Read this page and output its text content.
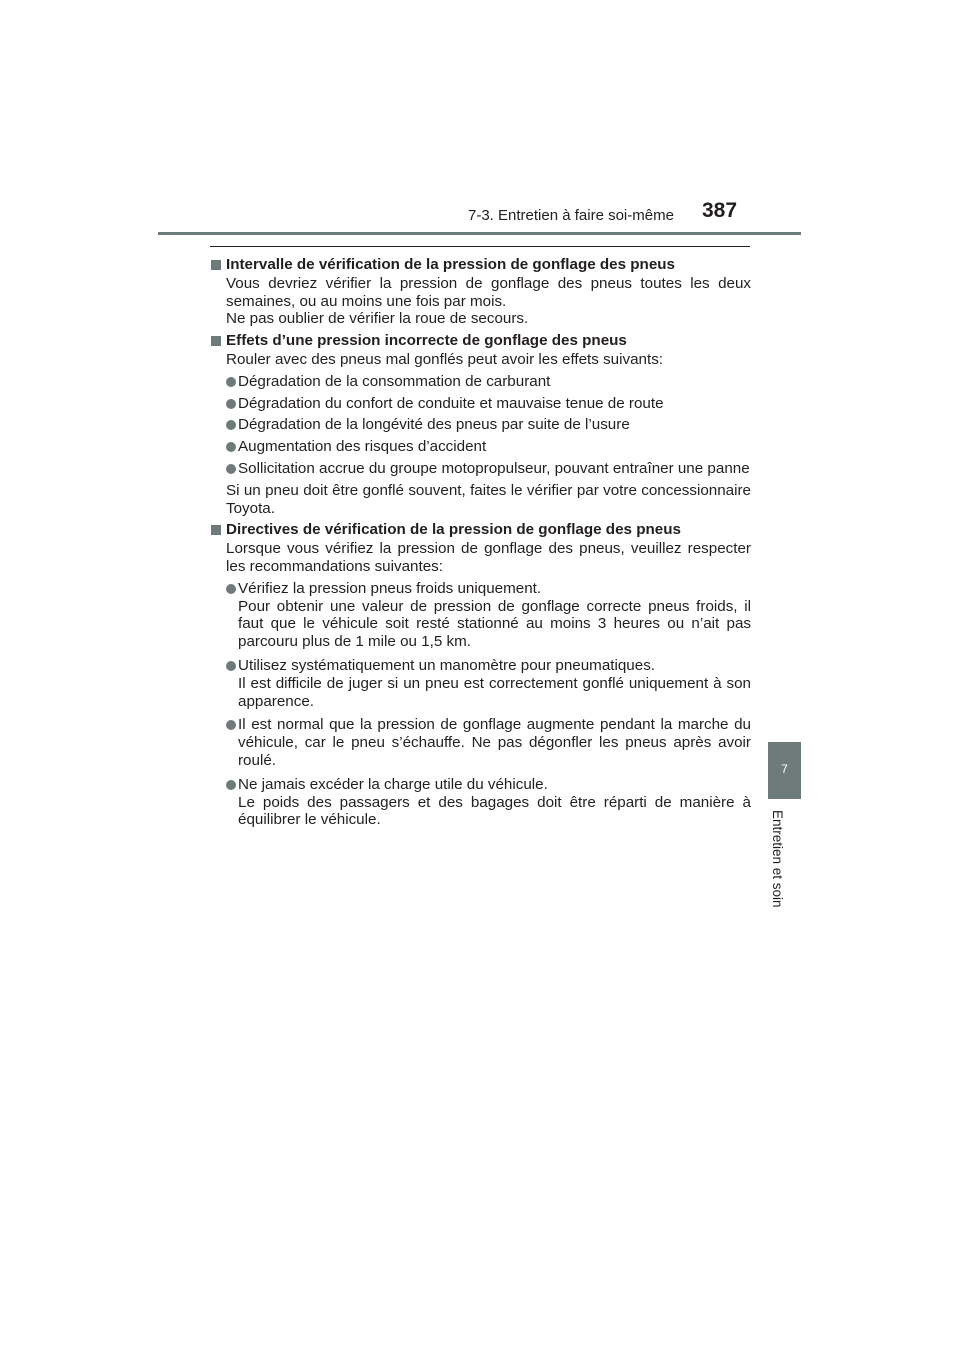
7-3. Entretien à faire soi-même 387
7
Entretien et soin
Intervalle de vérification de la pression de gonflage des pneus
Vous devriez vérifier la pression de gonflage des pneus toutes les deux semaines, ou au moins une fois par mois.
Ne pas oublier de vérifier la roue de secours.
Effets d’une pression incorrecte de gonflage des pneus
Rouler avec des pneus mal gonflés peut avoir les effets suivants:
Dégradation de la consommation de carburant
Dégradation du confort de conduite et mauvaise tenue de route
Dégradation de la longévité des pneus par suite de l’usure
Augmentation des risques d’accident
Sollicitation accrue du groupe motopropulseur, pouvant entraîner une panne
Si un pneu doit être gonflé souvent, faites le vérifier par votre concessionnaire Toyota.
Directives de vérification de la pression de gonflage des pneus
Lorsque vous vérifiez la pression de gonflage des pneus, veuillez respecter les recommandations suivantes:
Vérifiez la pression pneus froids uniquement.
Pour obtenir une valeur de pression de gonflage correcte pneus froids, il faut que le véhicule soit resté stationné au moins 3 heures ou n’ait pas parcouru plus de 1 mile ou 1,5 km.
Utilisez systématiquement un manomètre pour pneumatiques.
Il est difficile de juger si un pneu est correctement gonflé uniquement à son apparence.
Il est normal que la pression de gonflage augmente pendant la marche du véhicule, car le pneu s’échauffe. Ne pas dégonfler les pneus après avoir roulé.
Ne jamais excéder la charge utile du véhicule.
Le poids des passagers et des bagages doit être réparti de manière à équilibrer le véhicule.
